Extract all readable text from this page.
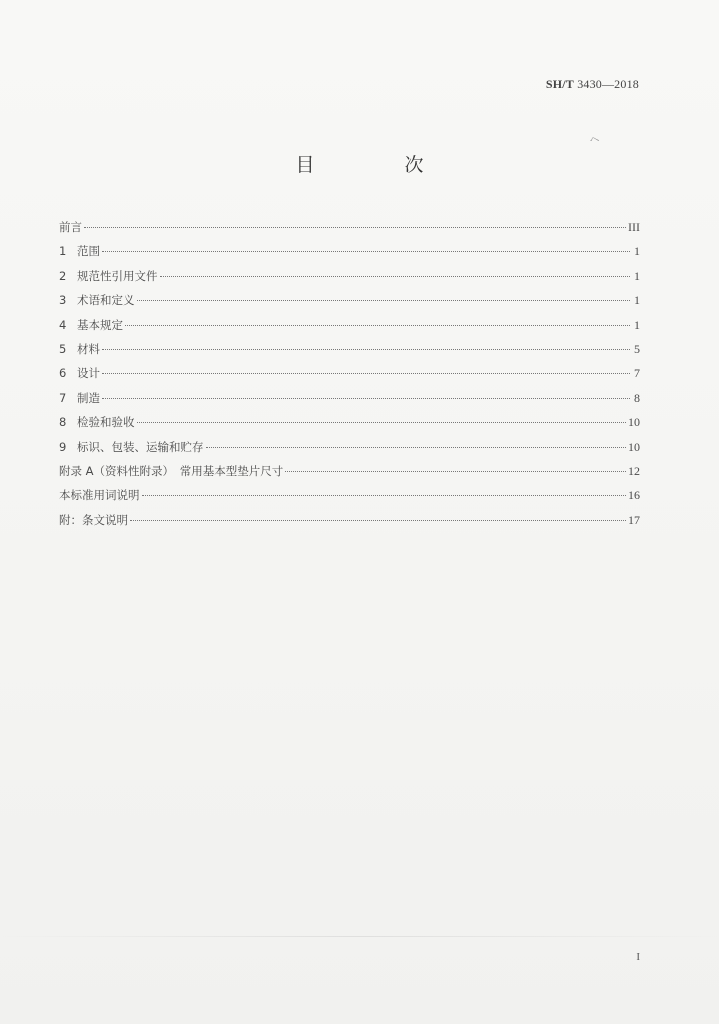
SH/T 3430—2018
ヘ
目 次
前言	III
1 范围	1
2 规范性引用文件	1
3 术语和定义	1
4 基本规定	1
5 材料	5
6 设计	7
7 制造	8
8 检验和验收	10
9 标识、包装、运输和贮存	10
附录 A（资料性附录）　常用基本型垫片尺寸	12
本标准用词说明	16
附：条文说明	17
I
